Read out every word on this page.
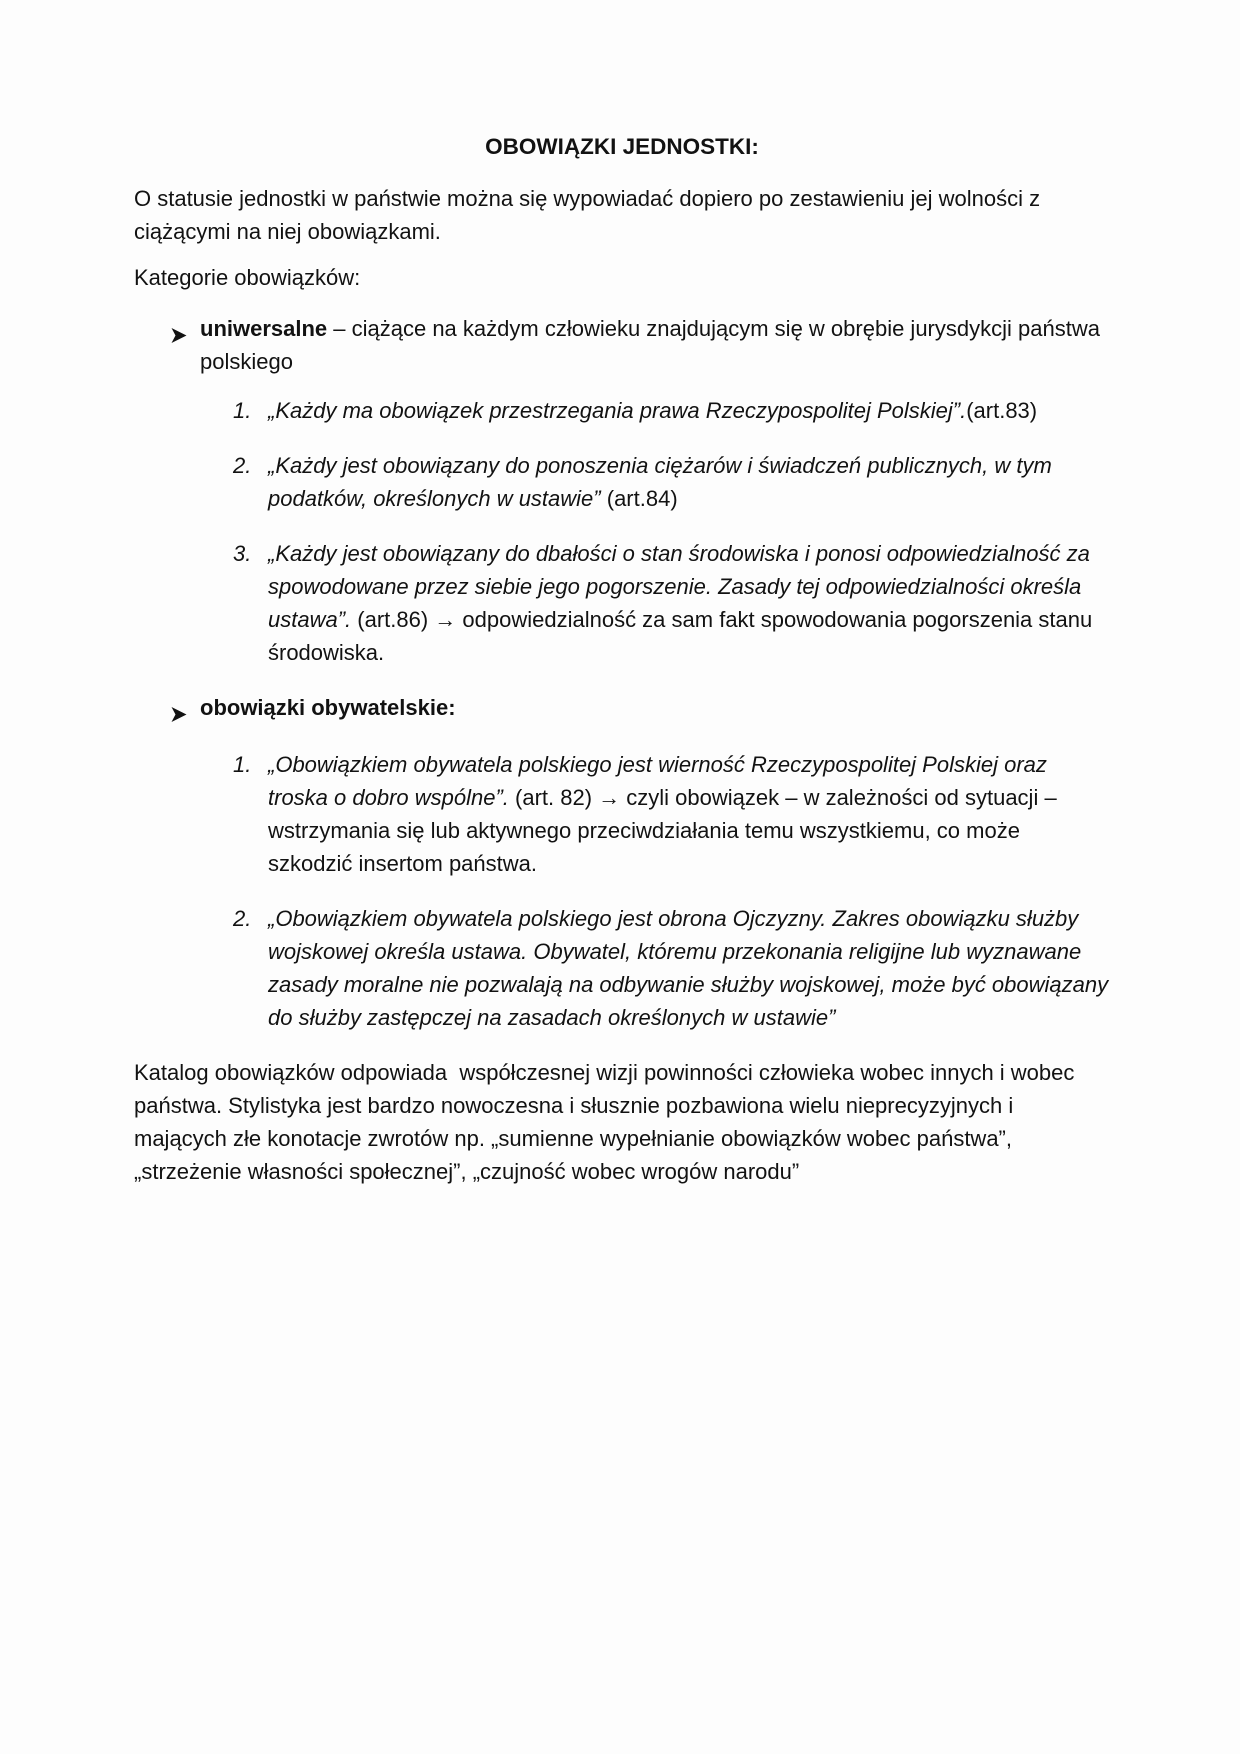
OBOWIĄZKI JEDNOSTKI:

O statusie jednostki w państwie można się wypowiadać dopiero po zestawieniu jej wolności z ciążącymi na niej obowiązkami.

Kategorie obowiązków:

uniwersalne – ciążące na każdym człowieku znajdującym się w obrębie jurysdykcji państwa polskiego
1. „Każdy ma obowiązek przestrzegania prawa Rzeczypospolitej Polskiej”.(art.83)
2. „Każdy jest obowiązany do ponoszenia ciężarów i świadczeń publicznych, w tym podatków, określonych w ustawie” (art.84)
3. „Każdy jest obowiązany do dbałości o stan środowiska i ponosi odpowiedzialność za spowodowane przez siebie jego pogorszenie. Zasady tej odpowiedzialności określa ustawa”. (art.86) → odpowiedzialność za sam fakt spowodowania pogorszenia stanu środowiska.
obowiązki obywatelskie:
1. „Obowiązkiem obywatela polskiego jest wierność Rzeczypospolitej Polskiej oraz troska o dobro wspólne”. (art. 82) → czyli obowiązek – w zależności od sytuacji – wstrzymania się lub aktywnego przeciwdziałania temu wszystkiemu, co może szkodzić insertom państwa.
2. „Obowiązkiem obywatela polskiego jest obrona Ojczyzny. Zakres obowiązku służby wojskowej określa ustawa. Obywatel, któremu przekonania religijne lub wyznawane zasady moralne nie pozwalają na odbywanie służby wojskowej, może być obowiązany do służby zastępczej na zasadach określonych w ustawie”

Katalog obowiązków odpowiada  współczesnej wizji powinności człowieka wobec innych i wobec państwa. Stylistyka jest bardzo nowoczesna i słusznie pozbawiona wielu nieprecyzyjnych i mających złe konotacje zwrotów np. „sumienne wypełnianie obowiązków wobec państwa”, „strzeżenie własności społecznej”, „czujność wobec wrogów narodu”
